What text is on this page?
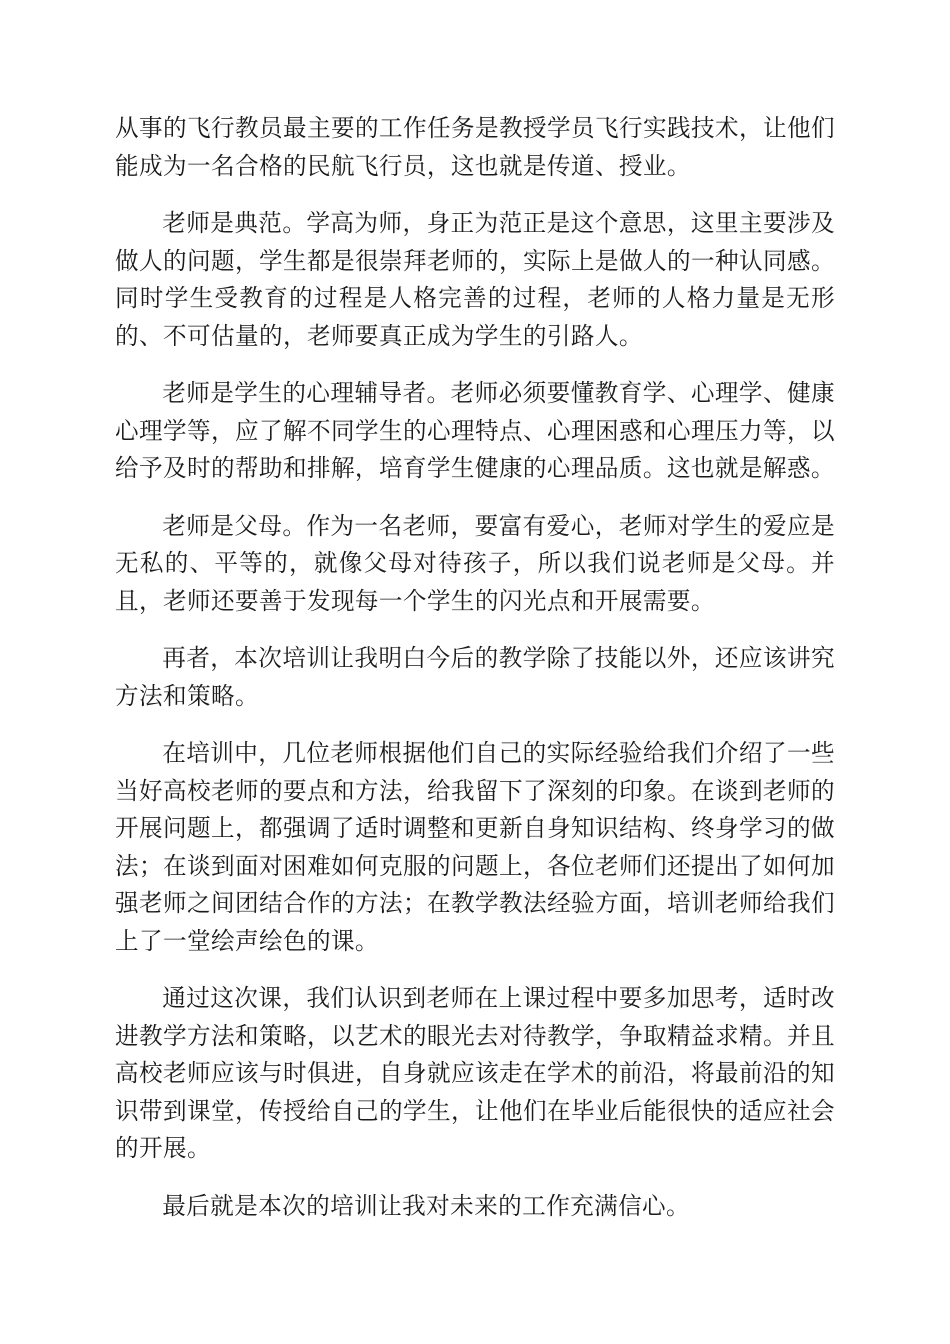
从事的飞行教员最主要的工作任务是教授学员飞行实践技术，让他们能成为一名合格的民航飞行员，这也就是传道、授业。

老师是典范。学高为师，身正为范正是这个意思，这里主要涉及做人的问题，学生都是很崇拜老师的，实际上是做人的一种认同感。同时学生受教育的过程是人格完善的过程，老师的人格力量是无形的、不可估量的，老师要真正成为学生的引路人。

老师是学生的心理辅导者。老师必须要懂教育学、心理学、健康心理学等，应了解不同学生的心理特点、心理困惑和心理压力等，以给予及时的帮助和排解，培育学生健康的心理品质。这也就是解惑。

老师是父母。作为一名老师，要富有爱心，老师对学生的爱应是无私的、平等的，就像父母对待孩子，所以我们说老师是父母。并且，老师还要善于发现每一个学生的闪光点和开展需要。

再者，本次培训让我明白今后的教学除了技能以外，还应该讲究方法和策略。

在培训中，几位老师根据他们自己的实际经验给我们介绍了一些当好高校老师的要点和方法，给我留下了深刻的印象。在谈到老师的开展问题上，都强调了适时调整和更新自身知识结构、终身学习的做法；在谈到面对困难如何克服的问题上，各位老师们还提出了如何加强老师之间团结合作的方法；在教学教法经验方面，培训老师给我们上了一堂绘声绘色的课。

通过这次课，我们认识到老师在上课过程中要多加思考，适时改进教学方法和策略，以艺术的眼光去对待教学，争取精益求精。并且高校老师应该与时俱进，自身就应该走在学术的前沿，将最前沿的知识带到课堂，传授给自己的学生，让他们在毕业后能很快的适应社会的开展。

最后就是本次的培训让我对未来的工作充满信心。
